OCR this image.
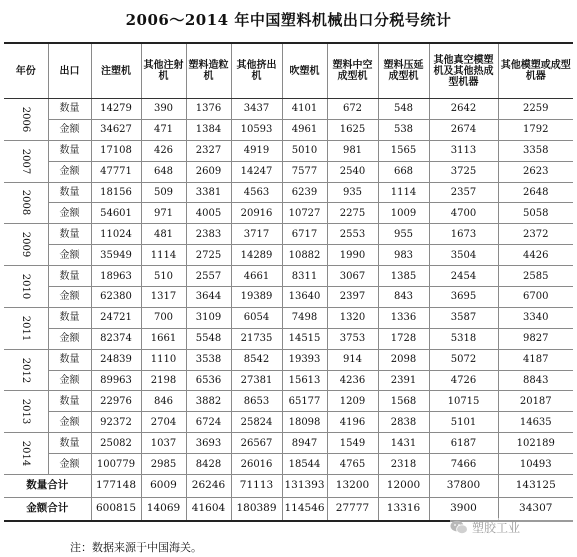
2006～2014 年中国塑料机械出口分税号统计
年份	出口	注塑机	其他注射机	塑料造粒机	其他挤出机	吹塑机	塑料中空成型机	塑料压延成型机	其他真空模塑机及其他热成型机器	其他模塑或成型机器
2006	数量	14279	390	1376	3437	4101	672	548	2642	2259
	金额	34627	471	1384	10593	4961	1625	538	2674	1792
2007	数量	17108	426	2327	4919	5010	981	1565	3113	3358
	金额	47771	648	2609	14247	7577	2540	668	3725	2623
2008	数量	18156	509	3381	4563	6239	935	1114	2357	2648
	金额	54601	971	4005	20916	10727	2275	1009	4700	5058
2009	数量	11024	481	2383	3717	6717	2553	955	1673	2372
	金额	35949	1114	2725	14289	10882	1990	983	3504	4426
2010	数量	18963	510	2557	4661	8311	3067	1385	2454	2585
	金额	62380	1317	3644	19389	13640	2397	843	3695	6700
2011	数量	24721	700	3109	6054	7498	1320	1336	3587	3340
	金额	82374	1661	5548	21735	14515	3753	1728	5318	9827
2012	数量	24839	1110	3538	8542	19393	914	2098	5072	4187
	金额	89963	2198	6536	27381	15613	4236	2391	4726	8843
2013	数量	22976	846	3882	8653	65177	1209	1568	10715	20187
	金额	92372	2704	6724	25824	18098	4196	2838	5101	14635
2014	数量	25082	1037	3693	26567	8947	1549	1431	6187	102189
	金额	100779	2985	8428	26016	18544	4765	2318	7466	10493
数量合计		177148	6009	26246	71113	131393	13200	12000	37800	143125
金额合计		600815	14069	41604	180389	114546	27777	13316	3900	34307
注：数据来源于中国海关。
塑胶工业
